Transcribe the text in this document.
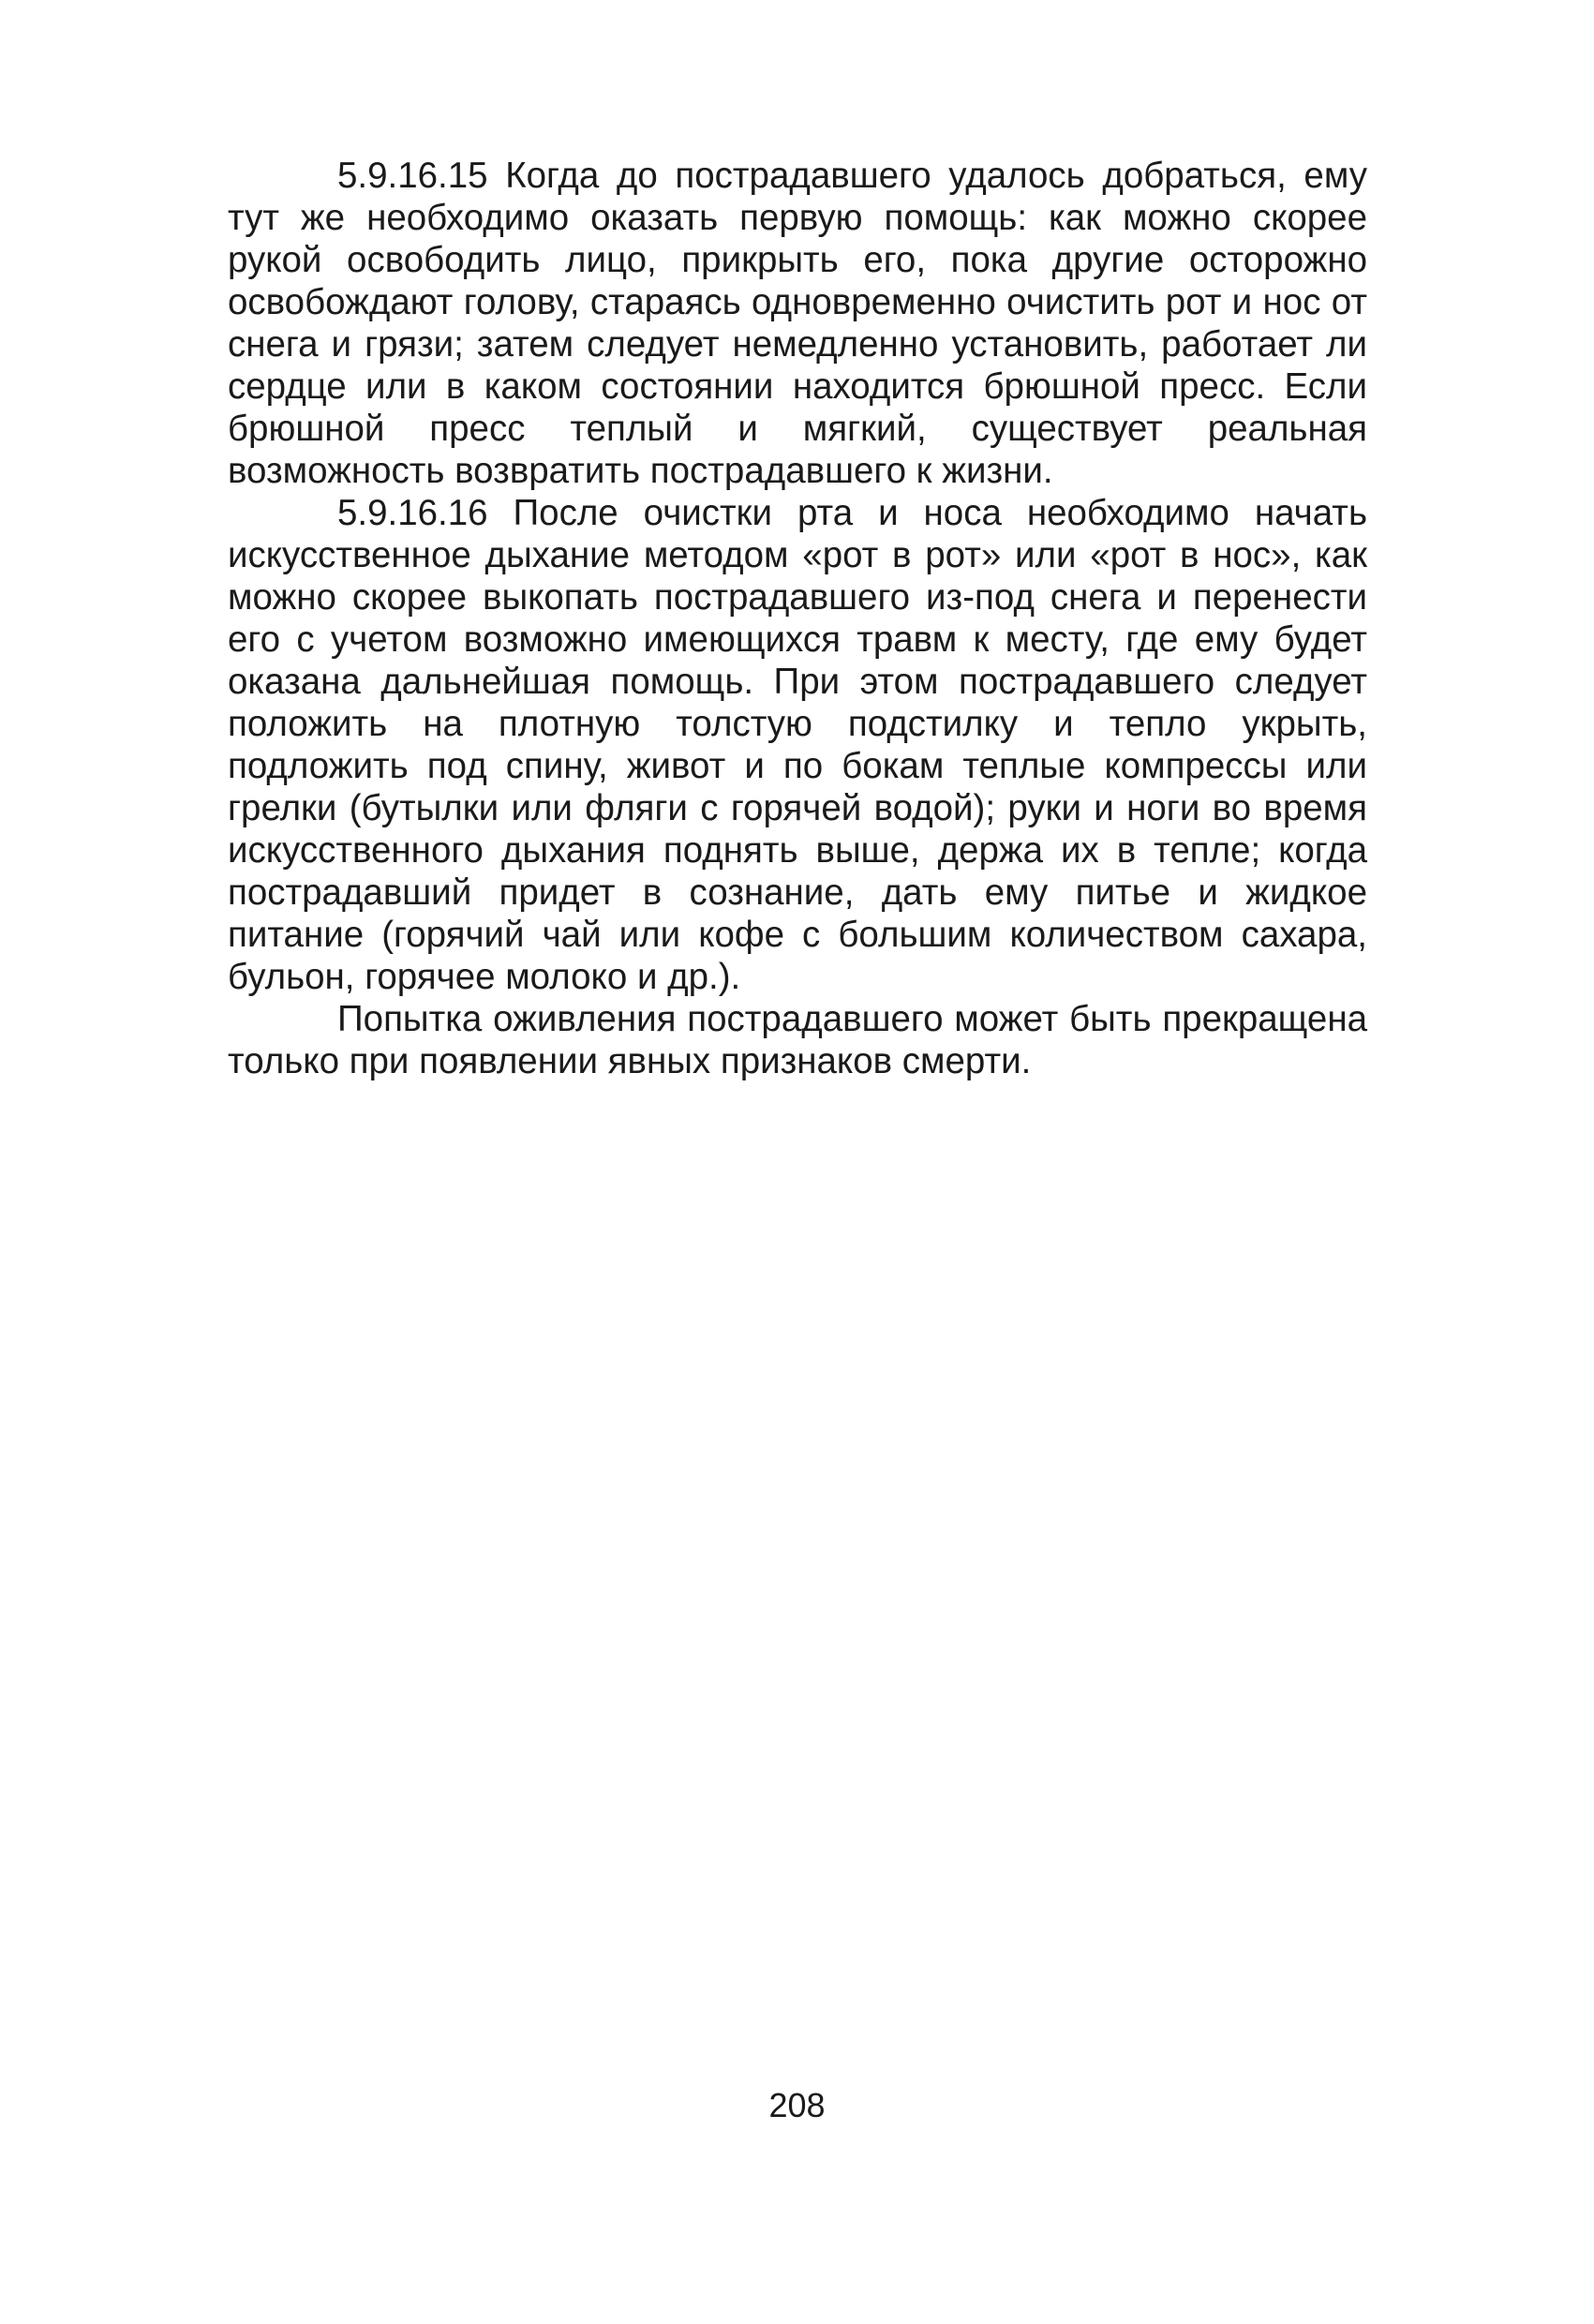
5.9.16.15 Когда до пострадавшего удалось добраться, ему тут же необходимо оказать первую помощь: как можно скорее рукой освободить лицо, прикрыть его, пока другие осторожно освобождают голову, стараясь одновременно очистить рот и нос от снега и грязи; затем следует немедленно установить, работает ли сердце или в каком состоянии находится брюшной пресс. Если брюшной пресс теплый и мягкий, существует реальная возможность возвратить пострадавшего к жизни.

5.9.16.16 После очистки рта и носа необходимо начать искусственное дыхание методом «рот в рот» или «рот в нос», как можно скорее выкопать пострадавшего из-под снега и перенести его с учетом возможно имеющихся травм к месту, где ему будет оказана дальнейшая помощь. При этом пострадавшего следует положить на плотную толстую подстилку и тепло укрыть, подложить под спину, живот и по бокам теплые компрессы или грелки (бутылки или фляги с горячей водой); руки и ноги во время искусственного дыхания поднять выше, держа их в тепле; когда пострадавший придет в сознание, дать ему питье и жидкое питание (горячий чай или кофе с большим количеством сахара, бульон, горячее молоко и др.).

Попытка оживления пострадавшего может быть прекращена только при появлении явных признаков смерти.

208
